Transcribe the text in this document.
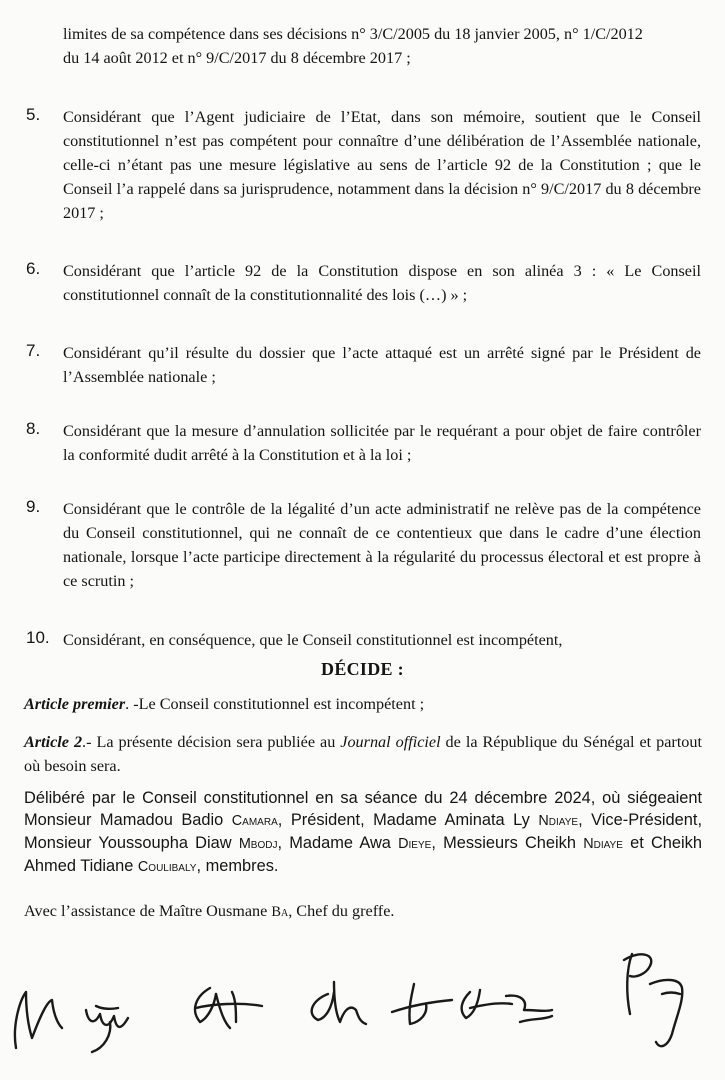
limites de sa compétence dans ses décisions n° 3/C/2005 du 18 janvier 2005, n° 1/C/2012
du 14 août 2012 et n° 9/C/2017 du 8 décembre 2017 ;
5.	Considérant que l’Agent judiciaire de l’Etat, dans son mémoire, soutient que le Conseil constitutionnel n’est pas compétent pour connaître d’une délibération de l’Assemblée nationale, celle-ci n’étant pas une mesure législative au sens de l’article 92 de la Constitution ; que le Conseil l’a rappelé dans sa jurisprudence, notamment dans la décision n° 9/C/2017 du 8 décembre 2017 ;
6.	Considérant que l’article 92 de la Constitution dispose en son alinéa 3 : « Le Conseil constitutionnel connaît de la constitutionnalité des lois (…) » ;
7.	Considérant qu’il résulte du dossier que l’acte attaqué est un arrêté signé par le Président de l’Assemblée nationale ;
8.	Considérant que la mesure d’annulation sollicitée par le requérant a pour objet de faire contrôler la conformité dudit arrêté à la Constitution et à la loi ;
9.	Considérant que le contrôle de la légalité d’un acte administratif ne relève pas de la compétence du Conseil constitutionnel, qui ne connaît de ce contentieux que dans le cadre d’une élection nationale, lorsque l’acte participe directement à la régularité du processus électoral et est propre à ce scrutin ;
10. Considérant, en conséquence, que le Conseil constitutionnel est incompétent,
DÉCIDE :
Article premier. -Le Conseil constitutionnel est incompétent ;
Article 2.- La présente décision sera publiée au Journal officiel de la République du Sénégal et partout où besoin sera.
Délibéré par le Conseil constitutionnel en sa séance du 24 décembre 2024, où siégeaient Monsieur Mamadou Badio Camara, Président, Madame Aminata Ly Ndiaye, Vice-Président, Monsieur Youssoupha Diaw Mbodj, Madame Awa Dieye, Messieurs Cheikh Ndiaye et Cheikh Ahmed Tidiane Coulibaly, membres.
Avec l’assistance de Maître Ousmane Ba, Chef du greffe.
